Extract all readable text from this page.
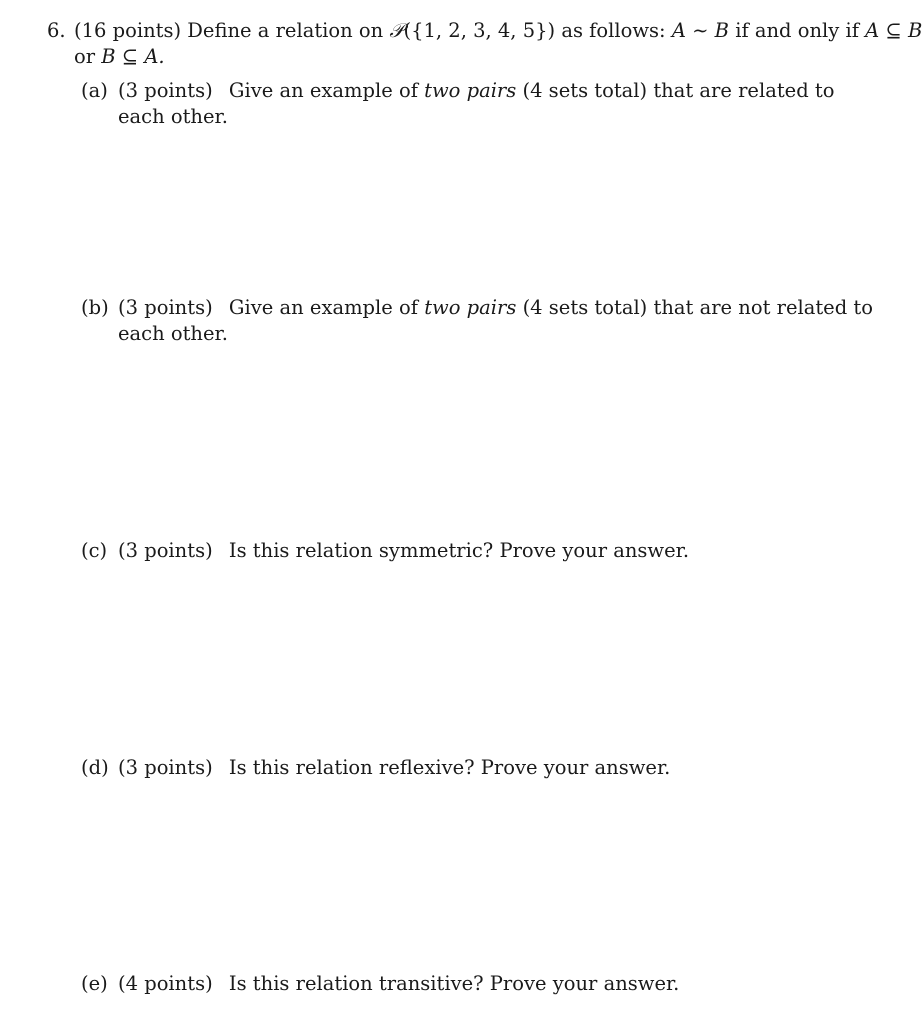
6. (16 points) Define a relation on 𝒫({1, 2, 3, 4, 5}) as follows: A ∼ B if and only if A ⊆ B
or B ⊆ A.
(a) (3 points) Give an example of two pairs (4 sets total) that are related to each other.
(b) (3 points) Give an example of two pairs (4 sets total) that are not related to each other.
(c) (3 points) Is this relation symmetric? Prove your answer.
(d) (3 points) Is this relation reflexive? Prove your answer.
(e) (4 points) Is this relation transitive? Prove your answer.
